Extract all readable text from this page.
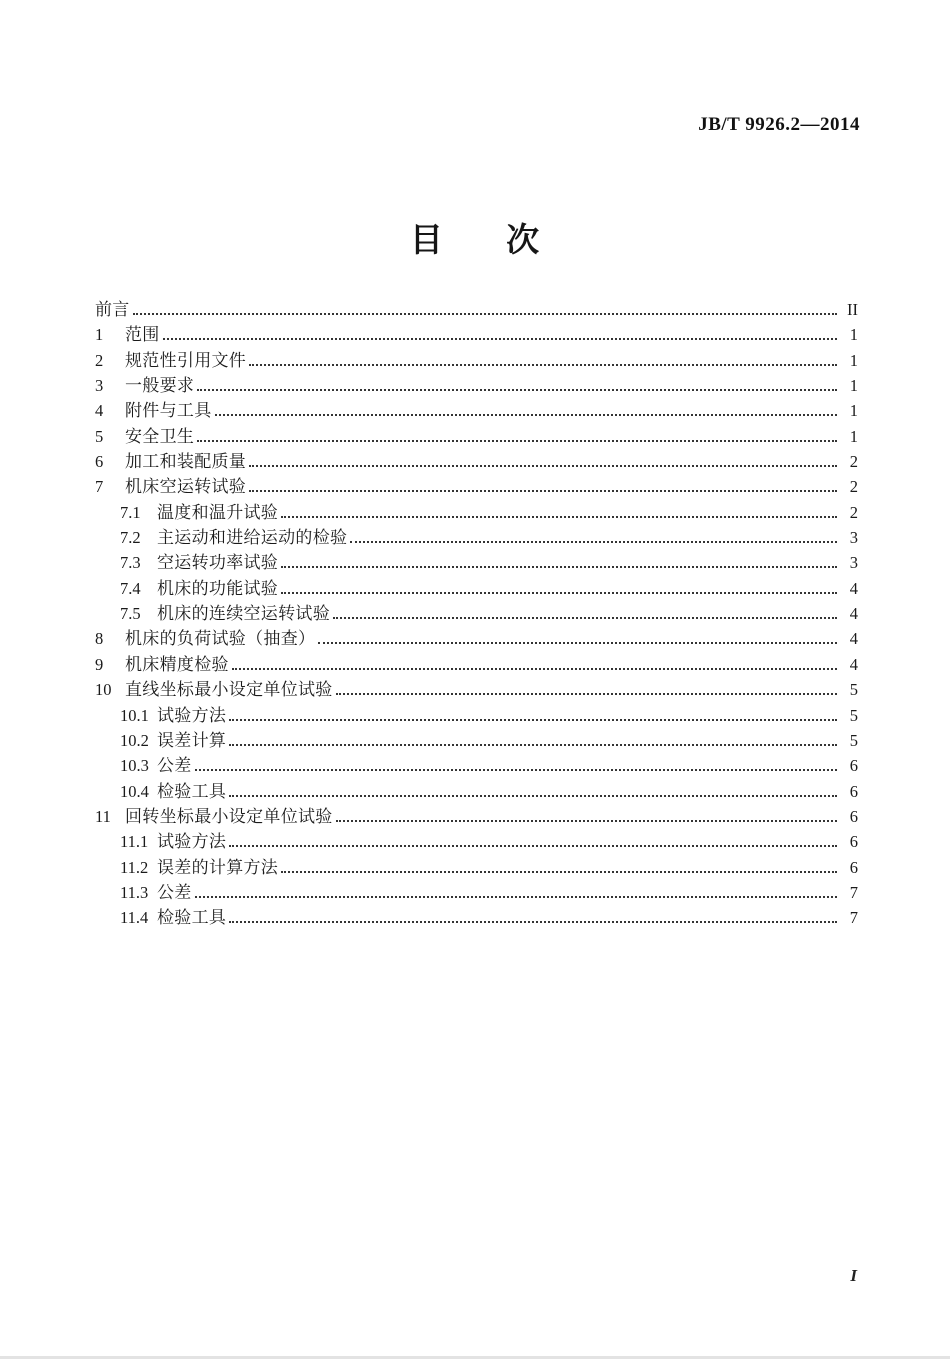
JB/T 9926.2—2014
目 次
前言	II
1	范围	1
2	规范性引用文件	1
3	一般要求	1
4	附件与工具	1
5	安全卫生	1
6	加工和装配质量	2
7	机床空运转试验	2
7.1 温度和温升试验	2
7.2 主运动和进给运动的检验	3
7.3 空运转功率试验	3
7.4 机床的功能试验	4
7.5 机床的连续空运转试验	4
8	机床的负荷试验（抽查）	4
9	机床精度检验	4
10 直线坐标最小设定单位试验	5
10.1 试验方法	5
10.2 误差计算	5
10.3 公差	6
10.4 检验工具	6
11 回转坐标最小设定单位试验	6
11.1 试验方法	6
11.2 误差的计算方法	6
11.3 公差	7
11.4 检验工具	7
I
